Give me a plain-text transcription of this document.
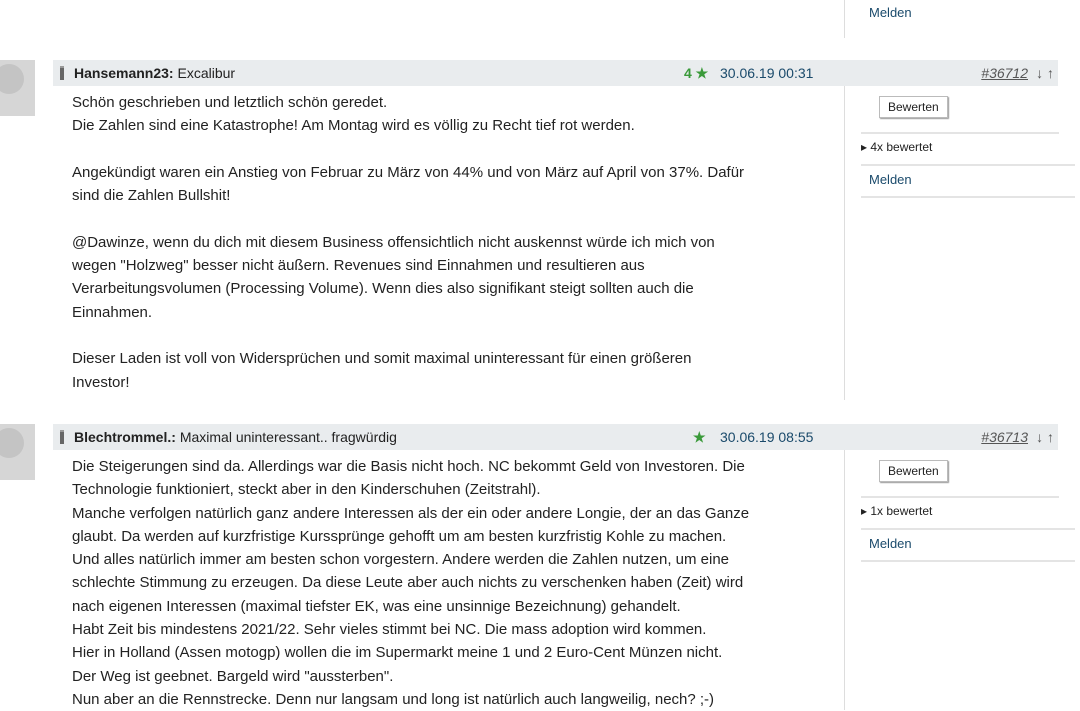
Melden
Hansemann23: Excalibur	4 ★ 30.06.19 00:31	#36712 ↓ ↑
Schön geschrieben und letztlich schön geredet.
Die Zahlen sind eine Katastrophe! Am Montag wird es völlig zu Recht tief rot werden.

Angekündigt waren ein Anstieg von Februar zu März von 44% und von März auf April von 37%. Dafür
sind die Zahlen Bullshit!

@Dawinze, wenn du dich mit diesem Business offensichtlich nicht auskennst würde ich mich von
wegen "Holzweg" besser nicht äußern. Revenues sind Einnahmen und resultieren aus
Verarbeitungsvolumen (Processing Volume). Wenn dies also signifikant steigt sollten auch die
Einnahmen.

Dieser Laden ist voll von Widersprüchen und somit maximal uninteressant für einen größeren
Investor!
Bewerten
▸ 4x bewertet
Melden
Blechtrommel.: Maximal uninteressant.. fragwürdig	★ 30.06.19 08:55	#36713 ↓ ↑
Die Steigerungen sind da. Allerdings war die Basis nicht hoch. NC bekommt Geld von Investoren. Die
Technologie funktioniert, steckt aber in den Kinderschuhen (Zeitstrahl).
Manche verfolgen natürlich ganz andere Interessen als der ein oder andere Longie, der an das Ganze
glaubt. Da werden auf kurzfristige Kurssprünge gehofft um am besten kurzfristig Kohle zu machen.
Und alles natürlich immer am besten schon vorgestern. Andere werden die Zahlen nutzen, um eine
schlechte Stimmung zu erzeugen. Da diese Leute aber auch nichts zu verschenken haben (Zeit) wird
nach eigenen Interessen (maximal tiefster EK, was eine unsinnige Bezeichnung) gehandelt.
Habt Zeit bis mindestens 2021/22. Sehr vieles stimmt bei NC. Die mass adoption wird kommen.
Hier in Holland (Assen motogp) wollen die im Supermarkt meine 1 und 2 Euro-Cent Münzen nicht.
Der Weg ist geebnet. Bargeld wird "aussterben".
Nun aber an die Rennstrecke. Denn nur langsam und long ist natürlich auch langweilig, nech? ;-)
Bewerten
▸ 1x bewertet
Melden
